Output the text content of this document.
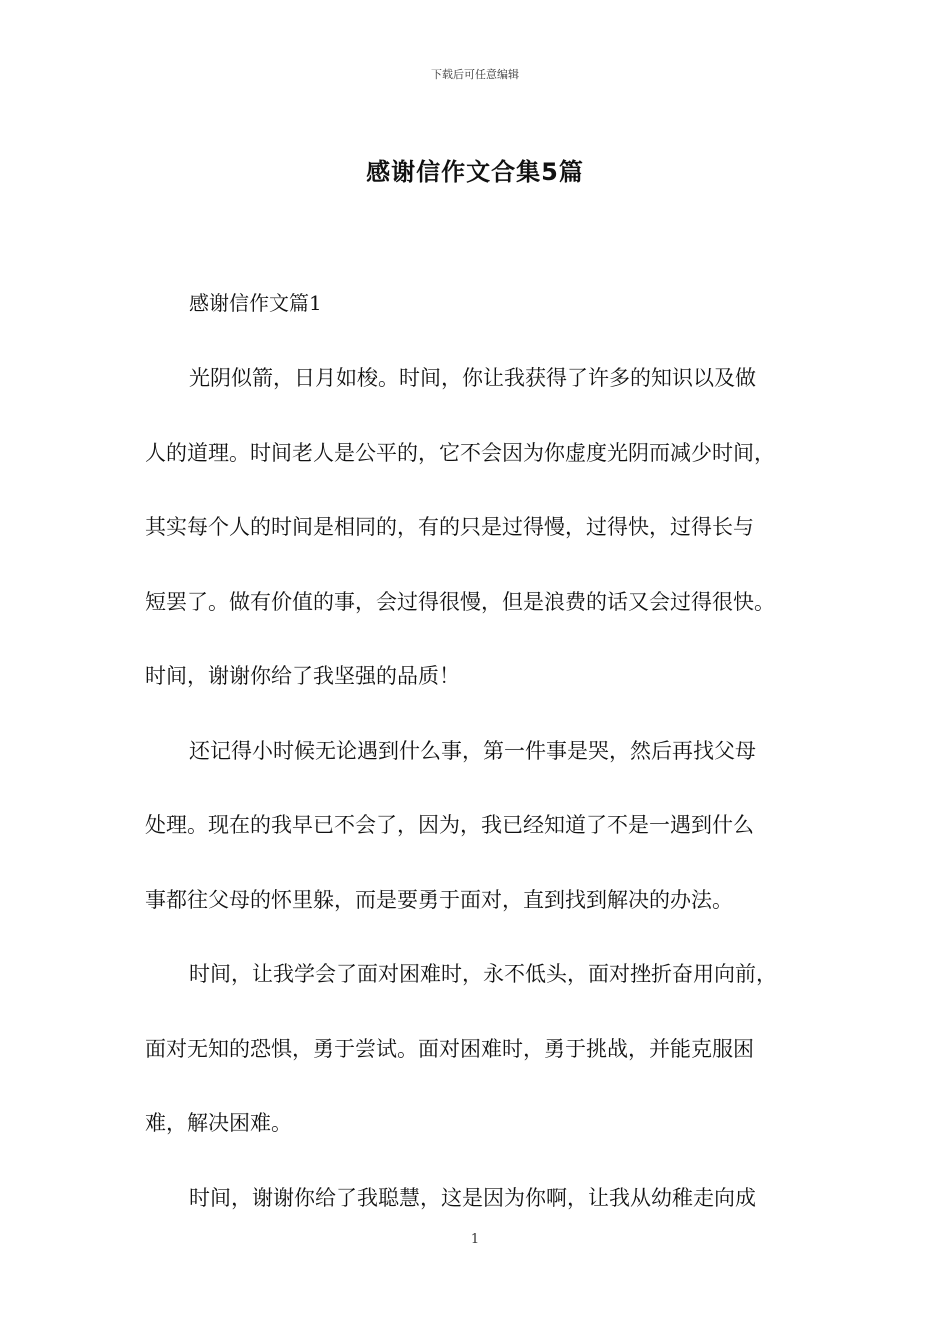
下载后可任意编辑
感谢信作文合集5篇
感谢信作文篇1
光阴似箭，日月如梭。时间，你让我获得了许多的知识以及做
人的道理。时间老人是公平的，它不会因为你虚度光阴而减少时间，
其实每个人的时间是相同的，有的只是过得慢，过得快，过得长与
短罢了。做有价值的事，会过得很慢，但是浪费的话又会过得很快。
时间，谢谢你给了我坚强的品质！
还记得小时候无论遇到什么事，第一件事是哭，然后再找父母
处理。现在的我早已不会了，因为，我已经知道了不是一遇到什么
事都往父母的怀里躲，而是要勇于面对，直到找到解决的办法。
时间，让我学会了面对困难时，永不低头，面对挫折奋用向前，
面对无知的恐惧，勇于尝试。面对困难时，勇于挑战，并能克服困
难，解决困难。
时间，谢谢你给了我聪慧，这是因为你啊，让我从幼稚走向成
1
